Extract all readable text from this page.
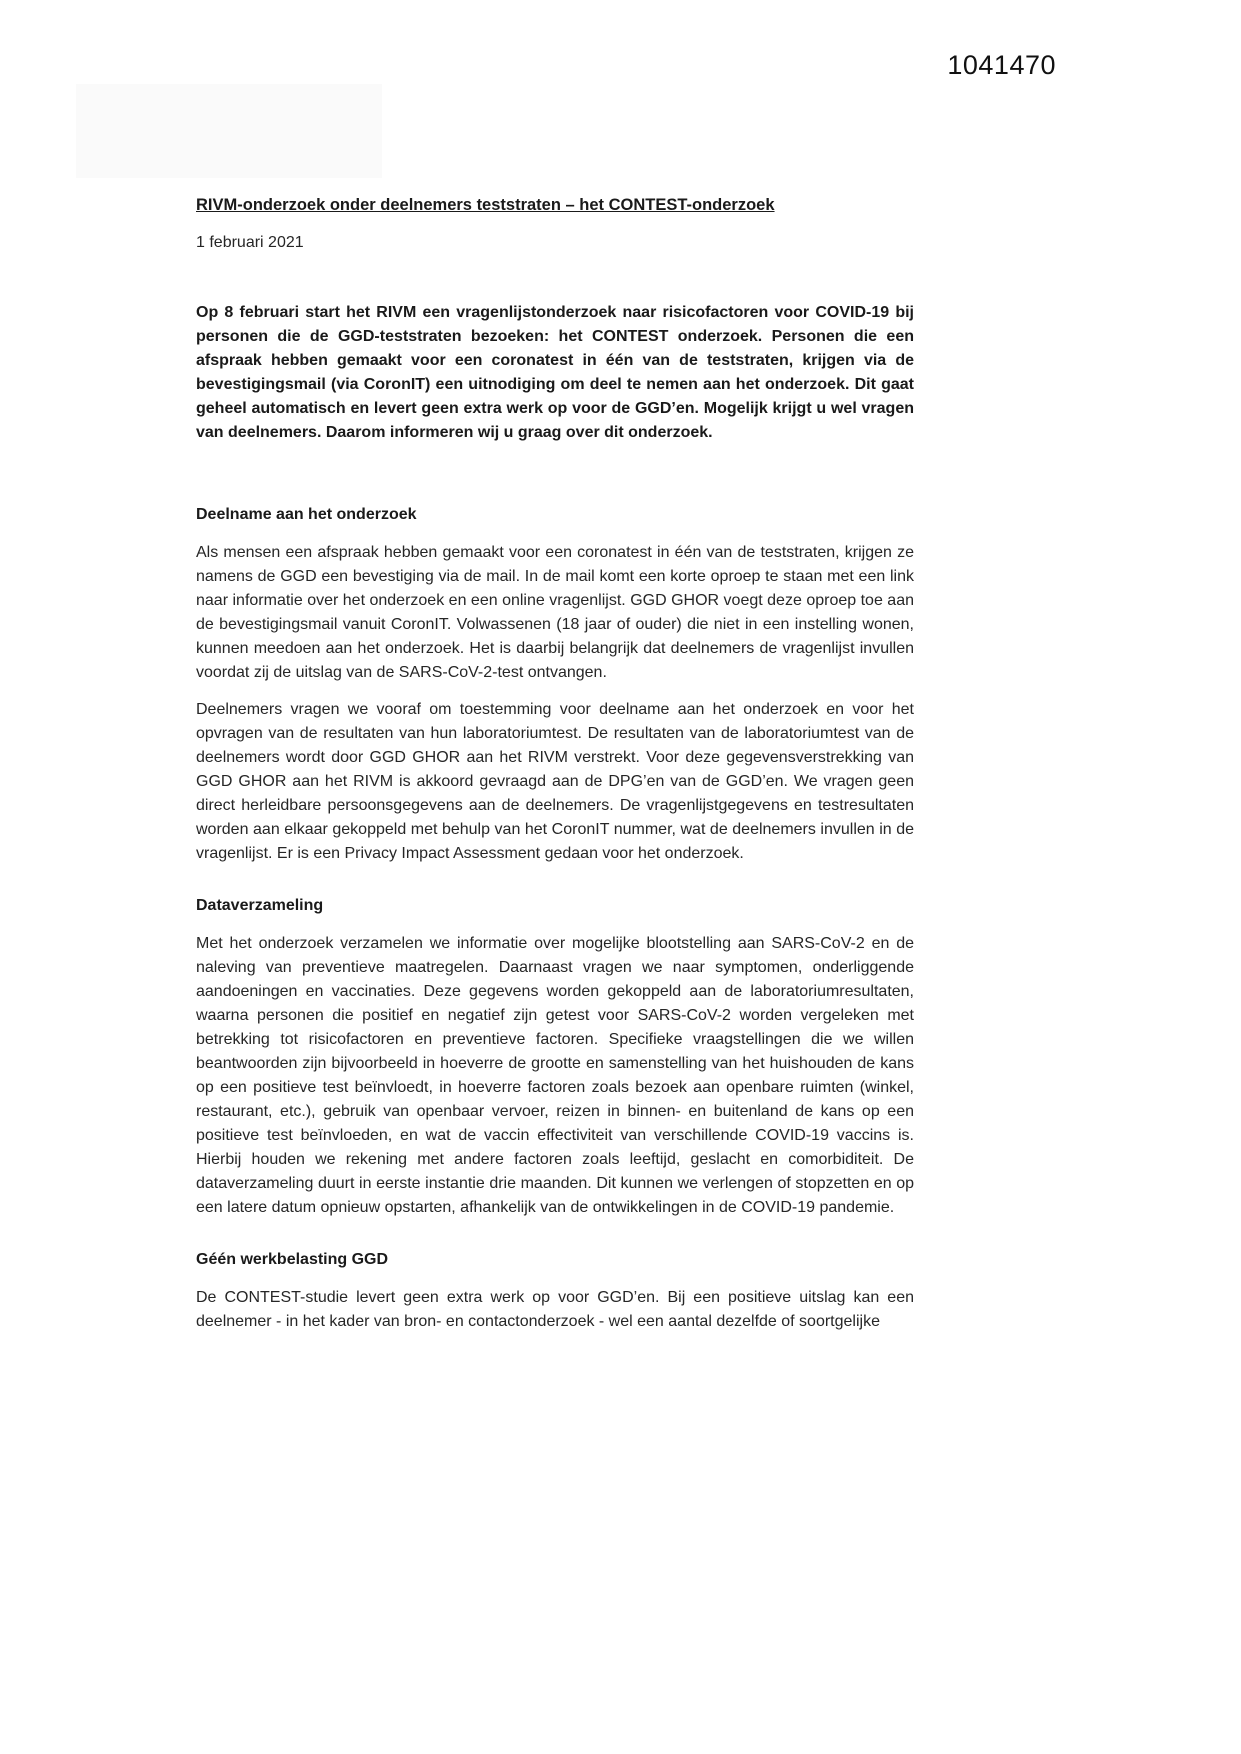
1041470
RIVM-onderzoek onder deelnemers teststraten – het CONTEST-onderzoek
1 februari 2021
Op 8 februari start het RIVM een vragenlijstonderzoek naar risicofactoren voor COVID-19 bij personen die de GGD-teststraten bezoeken: het CONTEST onderzoek. Personen die een afspraak hebben gemaakt voor een coronatest in één van de teststraten, krijgen via de bevestigingsmail (via CoronIT) een uitnodiging om deel te nemen aan het onderzoek. Dit gaat geheel automatisch en levert geen extra werk op voor de GGD’en. Mogelijk krijgt u wel vragen van deelnemers. Daarom informeren wij u graag over dit onderzoek.
Deelname aan het onderzoek
Als mensen een afspraak hebben gemaakt voor een coronatest in één van de teststraten, krijgen ze namens de GGD een bevestiging via de mail. In de mail komt een korte oproep te staan met een link naar informatie over het onderzoek en een online vragenlijst. GGD GHOR voegt deze oproep toe aan de bevestigingsmail vanuit CoronIT. Volwassenen (18 jaar of ouder) die niet in een instelling wonen, kunnen meedoen aan het onderzoek. Het is daarbij belangrijk dat deelnemers de vragenlijst invullen voordat zij de uitslag van de SARS-CoV-2-test ontvangen.
Deelnemers vragen we vooraf om toestemming voor deelname aan het onderzoek en voor het opvragen van de resultaten van hun laboratoriumtest. De resultaten van de laboratoriumtest van de deelnemers wordt door GGD GHOR aan het RIVM verstrekt. Voor deze gegevensverstrekking van GGD GHOR aan het RIVM is akkoord gevraagd aan de DPG’en van de GGD’en. We vragen geen direct herleidbare persoonsgegevens aan de deelnemers. De vragenlijstgegevens en testresultaten worden aan elkaar gekoppeld met behulp van het CoronIT nummer, wat de deelnemers invullen in de vragenlijst. Er is een Privacy Impact Assessment gedaan voor het onderzoek.
Dataverzameling
Met het onderzoek verzamelen we informatie over mogelijke blootstelling aan SARS-CoV-2 en de naleving van preventieve maatregelen. Daarnaast vragen we naar symptomen, onderliggende aandoeningen en vaccinaties. Deze gegevens worden gekoppeld aan de laboratoriumresultaten, waarna personen die positief en negatief zijn getest voor SARS-CoV-2 worden vergeleken met betrekking tot risicofactoren en preventieve factoren. Specifieke vraagstellingen die we willen beantwoorden zijn bijvoorbeeld in hoeverre de grootte en samenstelling van het huishouden de kans op een positieve test beïnvloedt, in hoeverre factoren zoals bezoek aan openbare ruimten (winkel, restaurant, etc.), gebruik van openbaar vervoer, reizen in binnen- en buitenland de kans op een positieve test beïnvloeden, en wat de vaccin effectiviteit van verschillende COVID-19 vaccins is. Hierbij houden we rekening met andere factoren zoals leeftijd, geslacht en comorbiditeit. De dataverzameling duurt in eerste instantie drie maanden. Dit kunnen we verlengen of stopzetten en op een latere datum opnieuw opstarten, afhankelijk van de ontwikkelingen in de COVID-19 pandemie.
Géén werkbelasting GGD
De CONTEST-studie levert geen extra werk op voor GGD’en. Bij een positieve uitslag kan een deelnemer - in het kader van bron- en contactonderzoek - wel een aantal dezelfde of soortgelijke
